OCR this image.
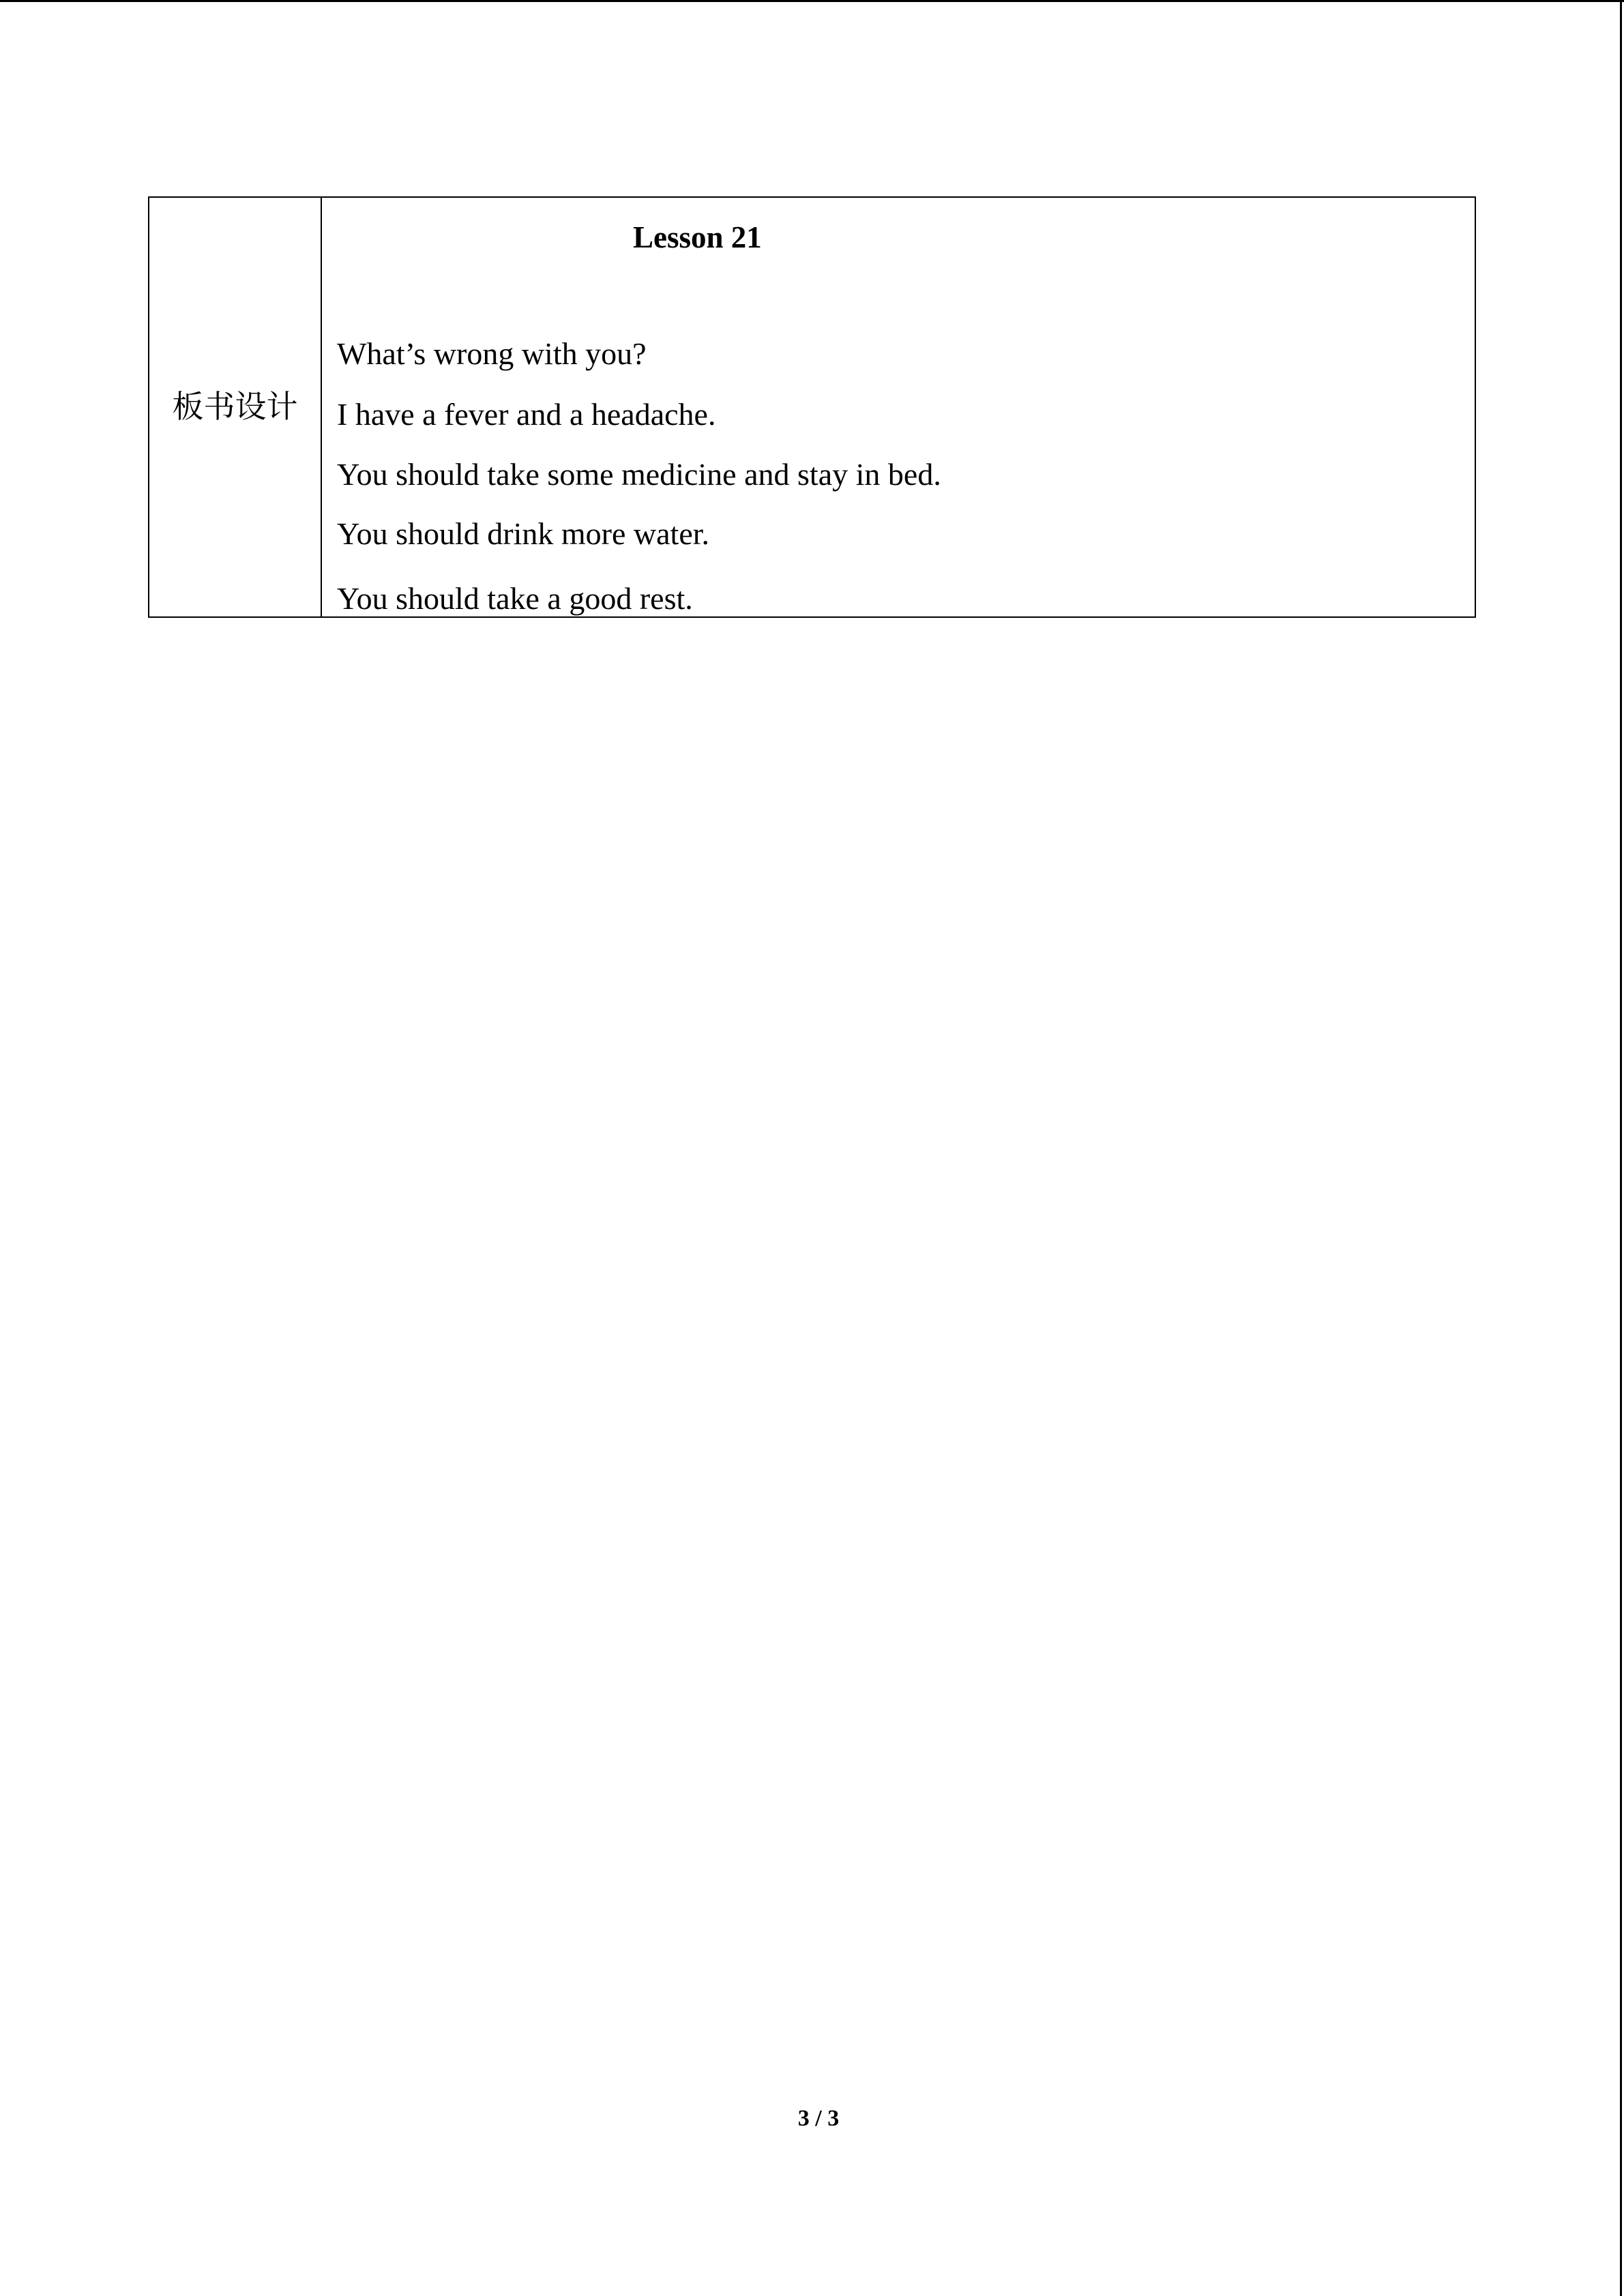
板书设计
Lesson 21
What’s wrong with you?
I have a fever and a headache.
You should take some medicine and stay in bed.
You should drink more water.
You should take a good rest.
3 / 3
